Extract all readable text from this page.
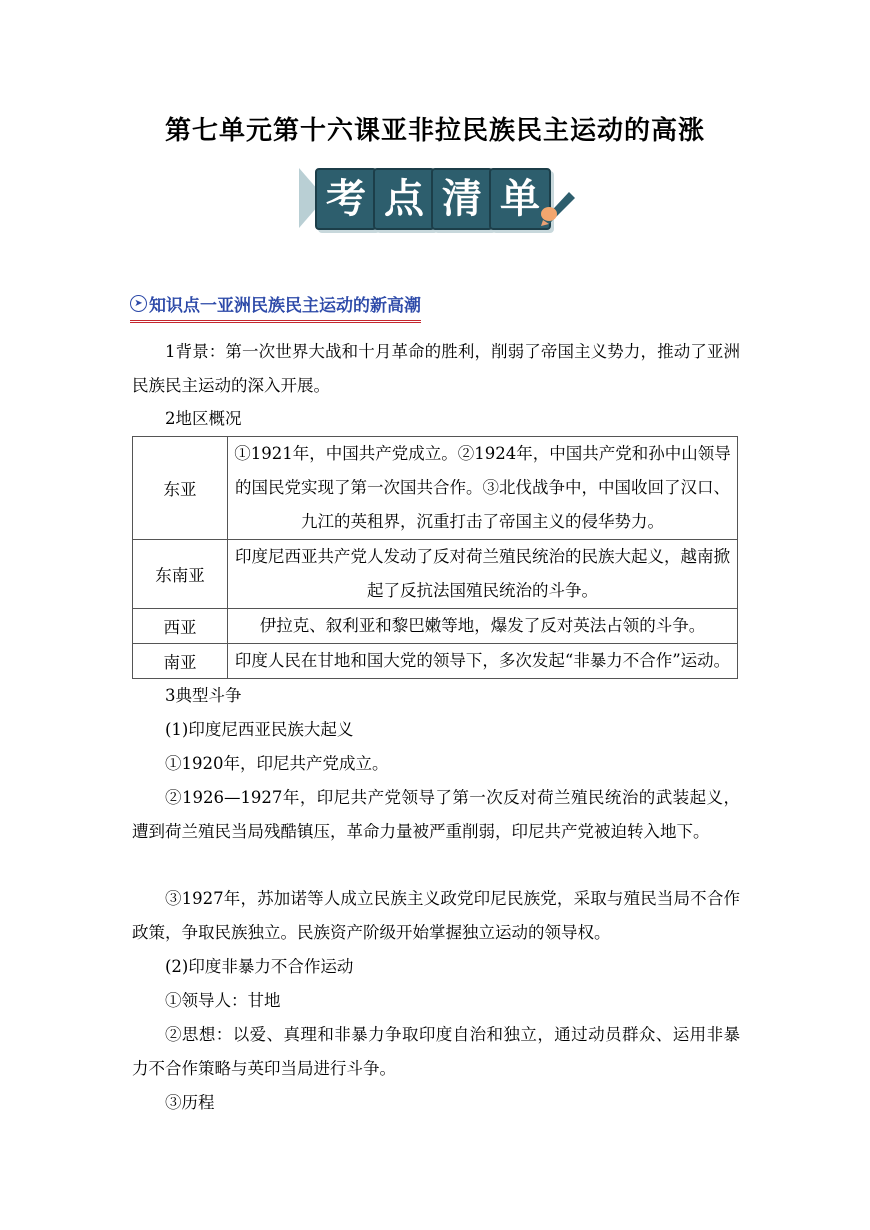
第七单元第十六课亚非拉民族民主运动的高涨
考 点 清 单
➤ 知识点一亚洲民族民主运动的新高潮
1背景：第一次世界大战和十月革命的胜利，削弱了帝国主义势力，推动了亚洲民族民主运动的深入开展。
2地区概况
东亚	①1921年，中国共产党成立。②1924年，中国共产党和孙中山领导的国民党实现了第一次国共合作。③北伐战争中，中国收回了汉口、九江的英租界，沉重打击了帝国主义的侵华势力。
东南亚	印度尼西亚共产党人发动了反对荷兰殖民统治的民族大起义，越南掀起了反抗法国殖民统治的斗争。
西亚	伊拉克、叙利亚和黎巴嫩等地，爆发了反对英法占领的斗争。
南亚	印度人民在甘地和国大党的领导下，多次发起“非暴力不合作”运动。
3典型斗争
(1)印度尼西亚民族大起义
①1920年，印尼共产党成立。
②1926—1927年，印尼共产党领导了第一次反对荷兰殖民统治的武装起义，遭到荷兰殖民当局残酷镇压，革命力量被严重削弱，印尼共产党被迫转入地下。
③1927年，苏加诺等人成立民族主义政党印尼民族党，采取与殖民当局不合作政策，争取民族独立。民族资产阶级开始掌握独立运动的领导权。
(2)印度非暴力不合作运动
①领导人：甘地
②思想：以爱、真理和非暴力争取印度自治和独立，通过动员群众、运用非暴力不合作策略与英印当局进行斗争。
③历程
